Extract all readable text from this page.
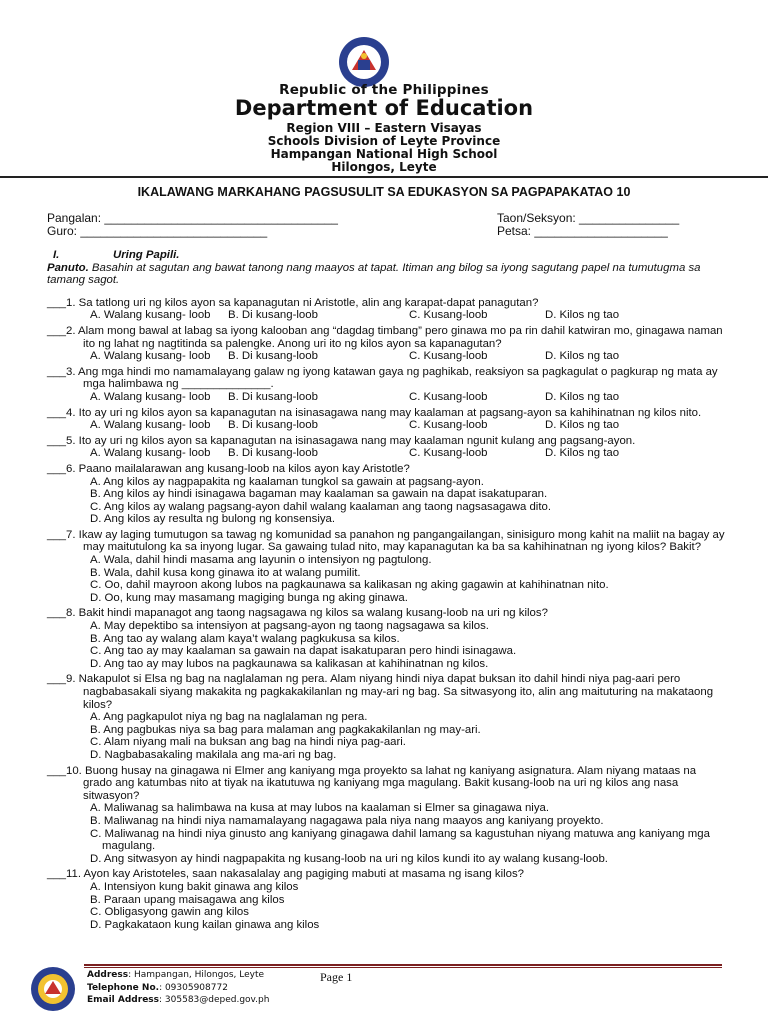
Republic of the Philippines
Department of Education
Region VIII – Eastern Visayas
Schools Division of Leyte Province
Hampangan National High School
Hilongos, Leyte
IKALAWANG MARKAHANG PAGSUSULIT SA EDUKASYON SA PAGPAPAKATAO 10
Pangalan: ___________________________________	Taon/Seksyon: _______________
Guro: ____________________________	Petsa: ____________________
I.	Uring Papili.
Panuto. Basahin at sagutan ang bawat tanong nang maayos at tapat. Itiman ang bilog sa iyong sagutang papel na tumutugma sa tamang sagot.
___1. Sa tatlong uri ng kilos ayon sa kapanagutan ni Aristotle, alin ang karapat-dapat panagutan?
A. Walang kusang- loob	B. Di kusang-loob	C. Kusang-loob	D. Kilos ng tao
___2. Alam mong bawal at labag sa iyong kalooban ang “dagdag timbang” pero ginawa mo pa rin dahil katwiran mo, ginagawa naman ito ng lahat ng nagtitinda sa palengke. Anong uri ito ng kilos ayon sa kapanagutan?
A. Walang kusang- loob	B. Di kusang-loob	C. Kusang-loob	D. Kilos ng tao
___3. Ang mga hindi mo namamalayang galaw ng iyong katawan gaya ng paghikab, reaksiyon sa pagkagulat o pagkurap ng mata ay mga halimbawa ng ______________.
A. Walang kusang- loob	B. Di kusang-loob	C. Kusang-loob	D. Kilos ng tao
___4. Ito ay uri ng kilos ayon sa kapanagutan na isinasagawa nang may kaalaman at pagsang-ayon sa kahihinatnan ng kilos nito.
A. Walang kusang- loob	B. Di kusang-loob	C. Kusang-loob	D. Kilos ng tao
___5. Ito ay uri ng kilos ayon sa kapanagutan na isinasagawa nang may kaalaman ngunit kulang ang pagsang-ayon.
A. Walang kusang- loob	B. Di kusang-loob	C. Kusang-loob	D. Kilos ng tao
___6. Paano mailalarawan ang kusang-loob na kilos ayon kay Aristotle?
A. Ang kilos ay nagpapakita ng kaalaman tungkol sa gawain at pagsang-ayon.
B. Ang kilos ay hindi isinagawa bagaman may kaalaman sa gawain na dapat isakatuparan.
C. Ang kilos ay walang pagsang-ayon dahil walang kaalaman ang taong nagsasagawa dito.
D. Ang kilos ay resulta ng bulong ng konsensiya.
___7. Ikaw ay laging tumutugon sa tawag ng komunidad sa panahon ng pangangailangan, sinisiguro mong kahit na maliit na bagay ay may maitutulong ka sa inyong lugar. Sa gawaing tulad nito, may kapanagutan ka ba sa kahihinatnan ng iyong kilos? Bakit?
A. Wala, dahil hindi masama ang layunin o intensiyon ng pagtulong.
B. Wala, dahil kusa kong ginawa ito at walang pumilit.
C. Oo, dahil mayroon akong lubos na pagkaunawa sa kalikasan ng aking gagawin at kahihinatnan nito.
D. Oo, kung may masamang magiging bunga ng aking ginawa.
___8. Bakit hindi mapanagot ang taong nagsagawa ng kilos sa walang kusang-loob na uri ng kilos?
A. May depektibo sa intensiyon at pagsang-ayon ng taong nagsagawa sa kilos.
B. Ang tao ay walang alam kaya’t walang pagkukusa sa kilos.
C. Ang tao ay may kaalaman sa gawain na dapat isakatuparan pero hindi isinagawa.
D. Ang tao ay may lubos na pagkaunawa sa kalikasan at kahihinatnan ng kilos.
___9. Nakapulot si Elsa ng bag na naglalaman ng pera. Alam niyang hindi niya dapat buksan ito dahil hindi niya pag-aari pero nagbabasakali siyang makakita ng pagkakakilanlan ng may-ari ng bag. Sa sitwasyong ito, alin ang maituturing na makataong kilos?
A. Ang pagkapulot niya ng bag na naglalaman ng pera.
B. Ang pagbukas niya sa bag para malaman ang pagkakakilanlan ng may-ari.
C. Alam niyang mali na buksan ang bag na hindi niya pag-aari.
D. Nagbabasakaling makilala ang ma-ari ng bag.
___10. Buong husay na ginagawa ni Elmer ang kaniyang mga proyekto sa lahat ng kaniyang asignatura. Alam niyang mataas na grado ang katumbas nito at tiyak na ikatutuwa ng kaniyang mga magulang. Bakit kusang-loob na uri ng kilos ang nasa sitwasyon?
A. Maliwanag sa halimbawa na kusa at may lubos na kaalaman si Elmer sa ginagawa niya.
B. Maliwanag na hindi niya namamalayang nagagawa pala niya nang maayos ang kaniyang proyekto.
C. Maliwanag na hindi niya ginusto ang kaniyang ginagawa dahil lamang sa kagustuhan niyang matuwa ang kaniyang mga magulang.
D. Ang sitwasyon ay hindi nagpapakita ng kusang-loob na uri ng kilos kundi ito ay walang kusang-loob.
___11. Ayon kay Aristoteles, saan nakasalalay ang pagiging mabuti at masama ng isang kilos?
A. Intensiyon kung bakit ginawa ang kilos
B. Paraan upang maisagawa ang kilos
C. Obligasyong gawin ang kilos
D. Pagkakataon kung kailan ginawa ang kilos
Address: Hampangan, Hilongos, Leyte
Telephone No.: 09305908772
Email Address: 305583@deped.gov.ph
Page 1
